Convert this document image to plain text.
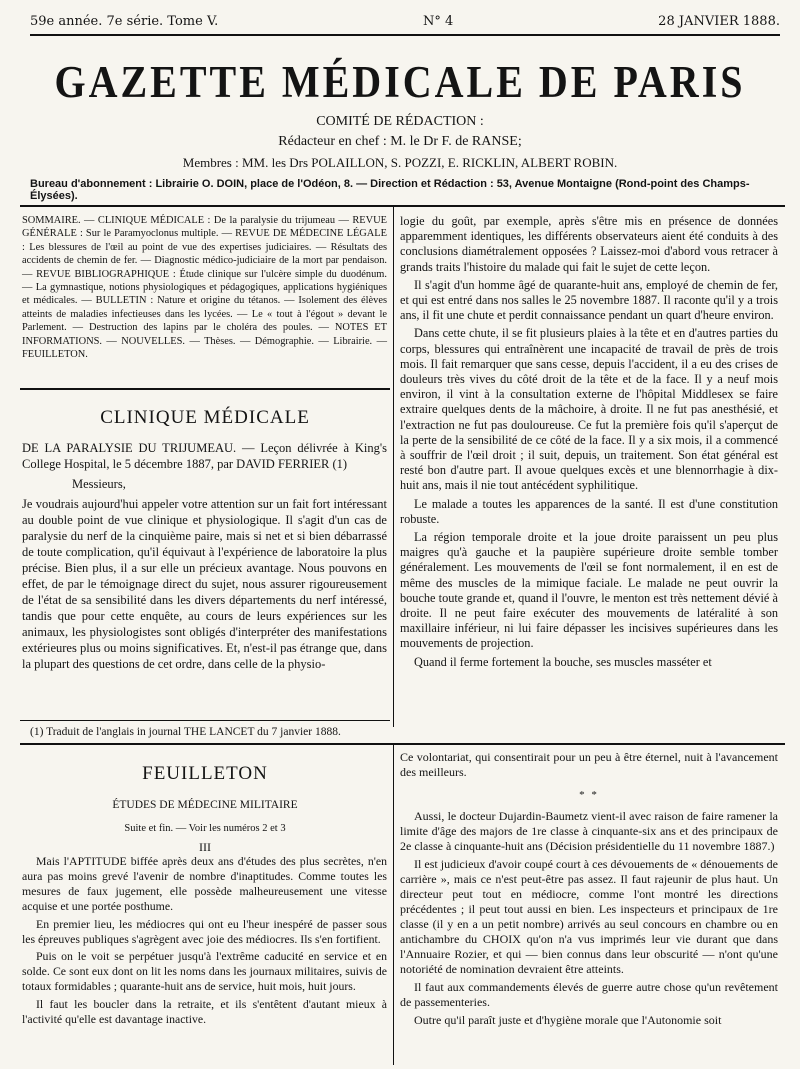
59e année. 7e série. Tome V.	N° 4	28 JANVIER 1888.
GAZETTE MÉDICALE DE PARIS
COMITÉ DE RÉDACTION :
Rédacteur en chef : M. le Dr F. de RANSE;
Membres : MM. les Drs POLAILLON, S. POZZI, E. RICKLIN, ALBERT ROBIN.
Bureau d'abonnement : Librairie O. DOIN, place de l'Odéon, 8. — Direction et Rédaction : 53, Avenue Montaigne (Rond-point des Champs-Élysées).

SOMMAIRE. — CLINIQUE MÉDICALE : De la paralysie du trijumeau — REVUE GÉNÉRALE : Sur le Paramyoclonus multiple. — REVUE DE MÉDECINE LÉGALE : Les blessures de l'œil au point de vue des expertises judiciaires. — Résultats des accidents de chemin de fer. — Diagnostic médico-judiciaire de la mort par pendaison. — REVUE BIBLIOGRAPHIQUE : Étude clinique sur l'ulcère simple du duodénum. — La gymnastique, notions physiologiques et pédagogiques, applications hygiéniques et médicales. — BULLETIN : Nature et origine du tétanos. — Isolement des élèves atteints de maladies infectieuses dans les lycées. — Le « tout à l'égout » devant le Parlement. — Destruction des lapins par le choléra des poules. — NOTES ET INFORMATIONS. — NOUVELLES. — Thèses. — Démographie. — Librairie. — FEUILLETON.

CLINIQUE MÉDICALE

DE LA PARALYSIE DU TRIJUMEAU. — Leçon délivrée à King's College Hospital, le 5 décembre 1887, par DAVID FERRIER (1)

Messieurs,

Je voudrais aujourd'hui appeler votre attention sur un fait fort intéressant au double point de vue clinique et physiologique. Il s'agit d'un cas de paralysie du nerf de la cinquième paire, mais si net et si bien débarrassé de toute complication, qu'il équivaut à l'expérience de laboratoire la plus précise. Bien plus, il a sur elle un précieux avantage. Nous pouvons en effet, de par le témoignage direct du sujet, nous assurer rigoureusement de l'état de sa sensibilité dans les divers départements du nerf intéressé, tandis que pour cette enquête, au cours de leurs expériences sur les animaux, les physiologistes sont obligés d'interpréter des manifestations extérieures plus ou moins significatives. Et, n'est-il pas étrange que, dans la plupart des questions de cet ordre, dans celle de la physio-

(1) Traduit de l'anglais in journal THE LANCET du 7 janvier 1888.

logie du goût, par exemple, après s'être mis en présence de données apparemment identiques, les différents observateurs aient été conduits à des conclusions diamétralement opposées ? Laissez-moi d'abord vous retracer à grands traits l'histoire du malade qui fait le sujet de cette leçon.

Il s'agit d'un homme âgé de quarante-huit ans, employé de chemin de fer, et qui est entré dans nos salles le 25 novembre 1887. Il raconte qu'il y a trois ans, il fit une chute et perdit connaissance pendant un quart d'heure environ.

Dans cette chute, il se fit plusieurs plaies à la tête et en d'autres parties du corps, blessures qui entraînèrent une incapacité de travail de près de trois mois. Il fait remarquer que sans cesse, depuis l'accident, il a eu des crises de douleurs très vives du côté droit de la tête et de la face. Il y a neuf mois environ, il vint à la consultation externe de l'hôpital Middlesex se faire extraire quelques dents de la mâchoire, à droite. Il ne fut pas anesthésié, et l'extraction ne fut pas douloureuse. Ce fut la première fois qu'il s'aperçut de la perte de la sensibilité de ce côté de la face. Il y a six mois, il a commencé à souffrir de l'œil droit ; il suit, depuis, un traitement. Son état général est resté bon d'autre part. Il avoue quelques excès et une blennorrhagie à dix-huit ans, mais il nie tout antécédent syphilitique.

Le malade a toutes les apparences de la santé. Il est d'une constitution robuste.

La région temporale droite et la joue droite paraissent un peu plus maigres qu'à gauche et la paupière supérieure droite semble tomber généralement. Les mouvements de l'œil se font normalement, il en est de même des muscles de la mimique faciale. Le malade ne peut ouvrir la bouche toute grande et, quand il l'ouvre, le menton est très nettement dévié à droite. Il ne peut faire exécuter des mouvements de latéralité à son maxillaire inférieur, ni lui faire dépasser les incisives supérieures dans les mouvements de projection.

Quand il ferme fortement la bouche, ses muscles masséter et

FEUILLETON
ÉTUDES DE MÉDECINE MILITAIRE
Suite et fin. — Voir les numéros 2 et 3
III

Mais l'APTITUDE biffée après deux ans d'études des plus secrètes, n'en aura pas moins grevé l'avenir de nombre d'inaptitudes. Comme toutes les mesures de faux jugement, elle possède malheureusement une vitesse acquise et une portée posthume.

En premier lieu, les médiocres qui ont eu l'heur inespéré de passer sous les épreuves publiques s'agrègent avec joie des médiocres. Ils s'en fortifient.

Puis on le voit se perpétuer jusqu'à l'extrême caducité en service et en solde. Ce sont eux dont on lit les noms dans les journaux militaires, suivis de totaux formidables ; quarante-huit ans de service, huit mois, huit jours.

Il faut les boucler dans la retraite, et ils s'entêtent d'autant mieux à l'activité qu'elle est davantage inactive.

Ce volontariat, qui consentirait pour un peu à être éternel, nuit à l'avancement des meilleurs.

* *

Aussi, le docteur Dujardin-Baumetz vient-il avec raison de faire ramener la limite d'âge des majors de 1re classe à cinquante-six ans et des principaux de 2e classe à cinquante-huit ans (Décision présidentielle du 11 novembre 1887.)

Il est judicieux d'avoir coupé court à ces dévouements de « dénouements de carrière », mais ce n'est peut-être pas assez. Il faut rajeunir de plus haut. Un directeur peut tout en médiocre, comme l'ont montré les directions précédentes ; il peut tout aussi en bien. Les inspecteurs et principaux de 1re classe (il y en a un petit nombre) arrivés au seul concours en chambre ou en antichambre du CHOIX qu'on n'a vus imprimés leur vie durant que dans l'Annuaire Rozier, et qui — bien connus dans leur obscurité — n'ont qu'une notoriété de nomination devraient être atteints.

Il faut aux commandements élevés de guerre autre chose qu'un revêtement de passementeries.

Outre qu'il paraît juste et d'hygiène morale que l'Autonomie soit
